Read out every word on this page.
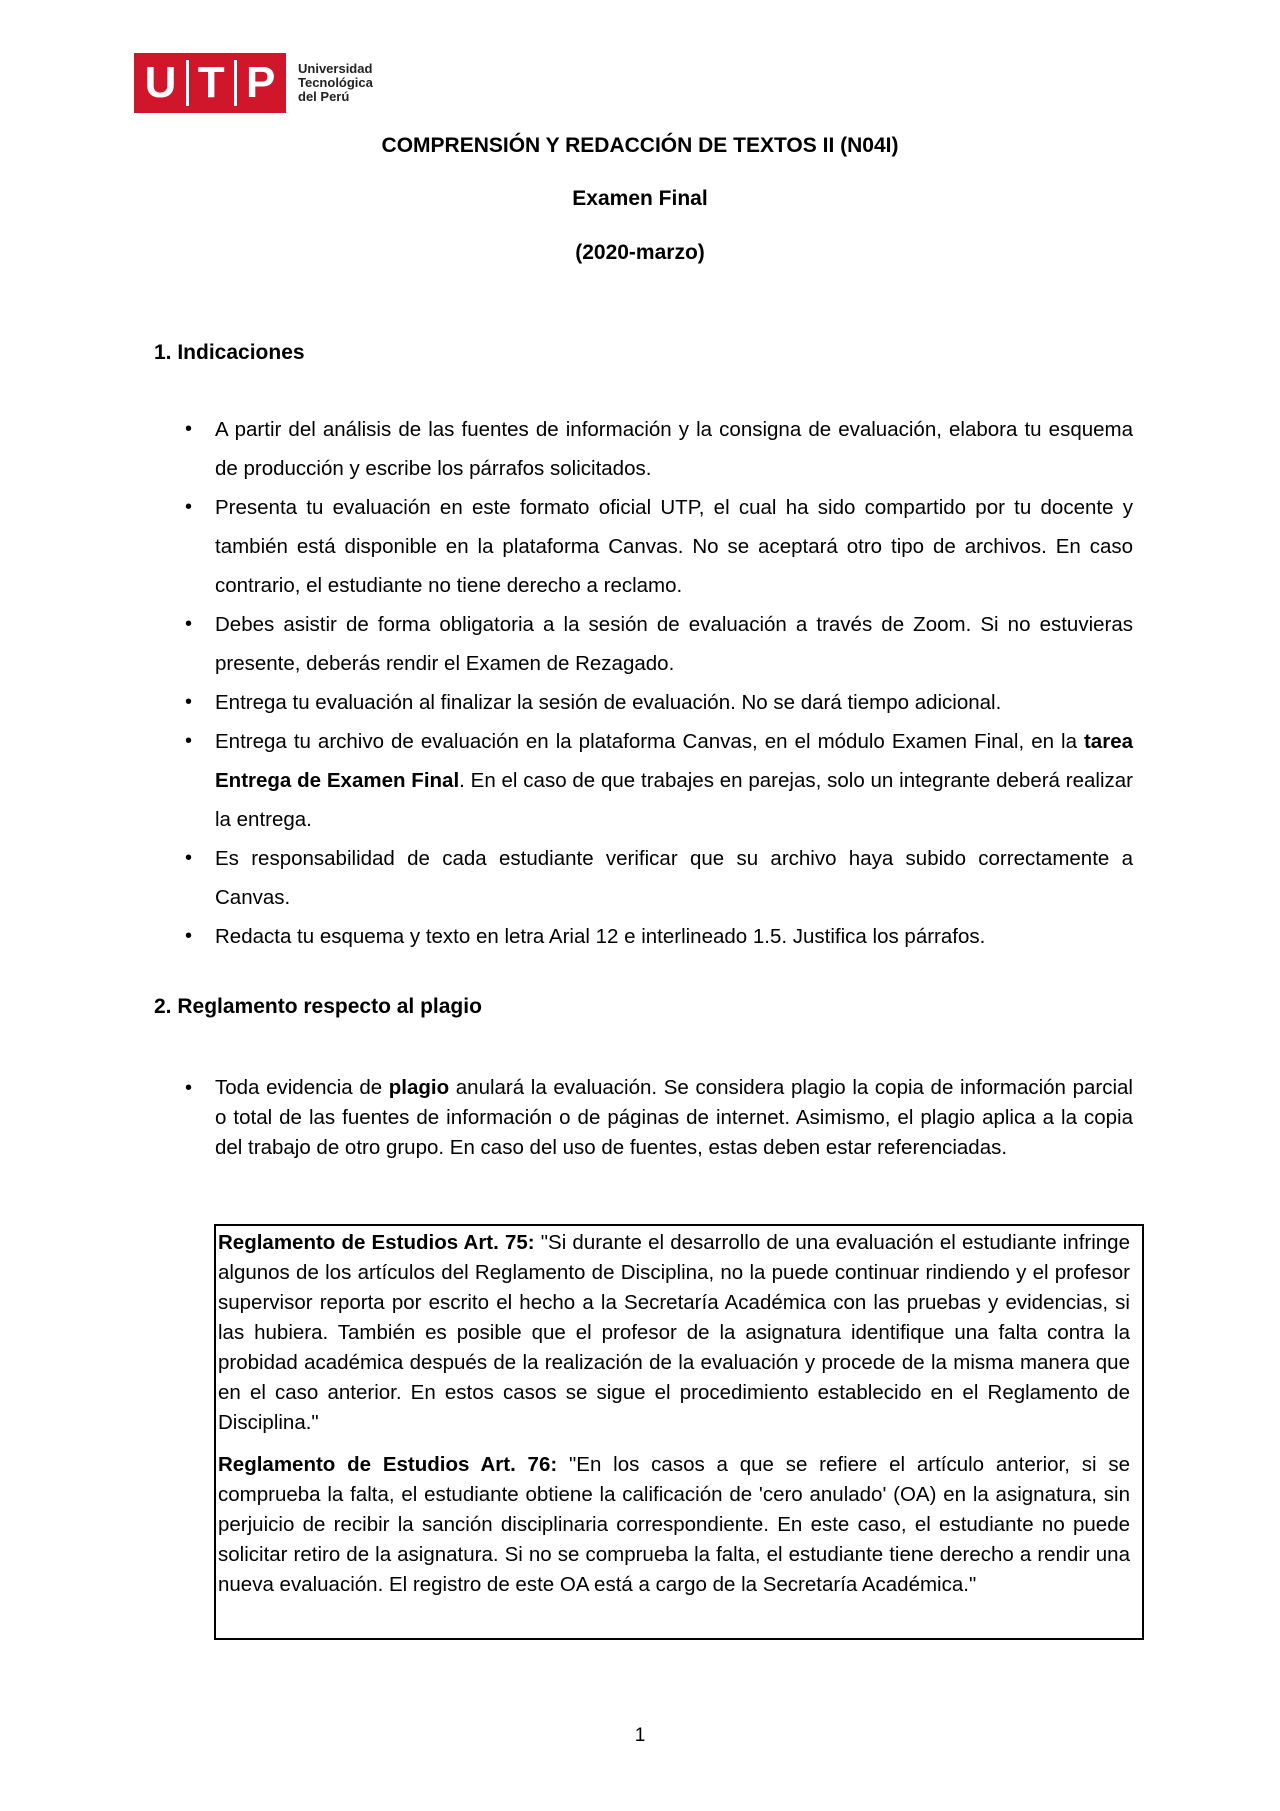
U T P Universidad
Tecnológica
del Perú
COMPRENSIÓN Y REDACCIÓN DE TEXTOS II (N04I)
Examen Final
(2020-marzo)
1. Indicaciones
• A partir del análisis de las fuentes de información y la consigna de evaluación, elabora tu esquema de producción y escribe los párrafos solicitados.
• Presenta tu evaluación en este formato oficial UTP, el cual ha sido compartido por tu docente y también está disponible en la plataforma Canvas. No se aceptará otro tipo de archivos. En caso contrario, el estudiante no tiene derecho a reclamo.
• Debes asistir de forma obligatoria a la sesión de evaluación a través de Zoom. Si no estuvieras presente, deberás rendir el Examen de Rezagado.
• Entrega tu evaluación al finalizar la sesión de evaluación. No se dará tiempo adicional.
• Entrega tu archivo de evaluación en la plataforma Canvas, en el módulo Examen Final, en la tarea Entrega de Examen Final. En el caso de que trabajes en parejas, solo un integrante deberá realizar la entrega.
• Es responsabilidad de cada estudiante verificar que su archivo haya subido correctamente a Canvas.
• Redacta tu esquema y texto en letra Arial 12 e interlineado 1.5. Justifica los párrafos.
2. Reglamento respecto al plagio
• Toda evidencia de plagio anulará la evaluación. Se considera plagio la copia de información parcial o total de las fuentes de información o de páginas de internet. Asimismo, el plagio aplica a la copia del trabajo de otro grupo. En caso del uso de fuentes, estas deben estar referenciadas.

Reglamento de Estudios Art. 75: "Si durante el desarrollo de una evaluación el estudiante infringe algunos de los artículos del Reglamento de Disciplina, no la puede continuar rindiendo y el profesor supervisor reporta por escrito el hecho a la Secretaría Académica con las pruebas y evidencias, si las hubiera. También es posible que el profesor de la asignatura identifique una falta contra la probidad académica después de la realización de la evaluación y procede de la misma manera que en el caso anterior. En estos casos se sigue el procedimiento establecido en el Reglamento de Disciplina."

Reglamento de Estudios Art. 76: "En los casos a que se refiere el artículo anterior, si se comprueba la falta, el estudiante obtiene la calificación de 'cero anulado' (OA) en la asignatura, sin perjuicio de recibir la sanción disciplinaria correspondiente. En este caso, el estudiante no puede solicitar retiro de la asignatura. Si no se comprueba la falta, el estudiante tiene derecho a rendir una nueva evaluación. El registro de este OA está a cargo de la Secretaría Académica."

1
